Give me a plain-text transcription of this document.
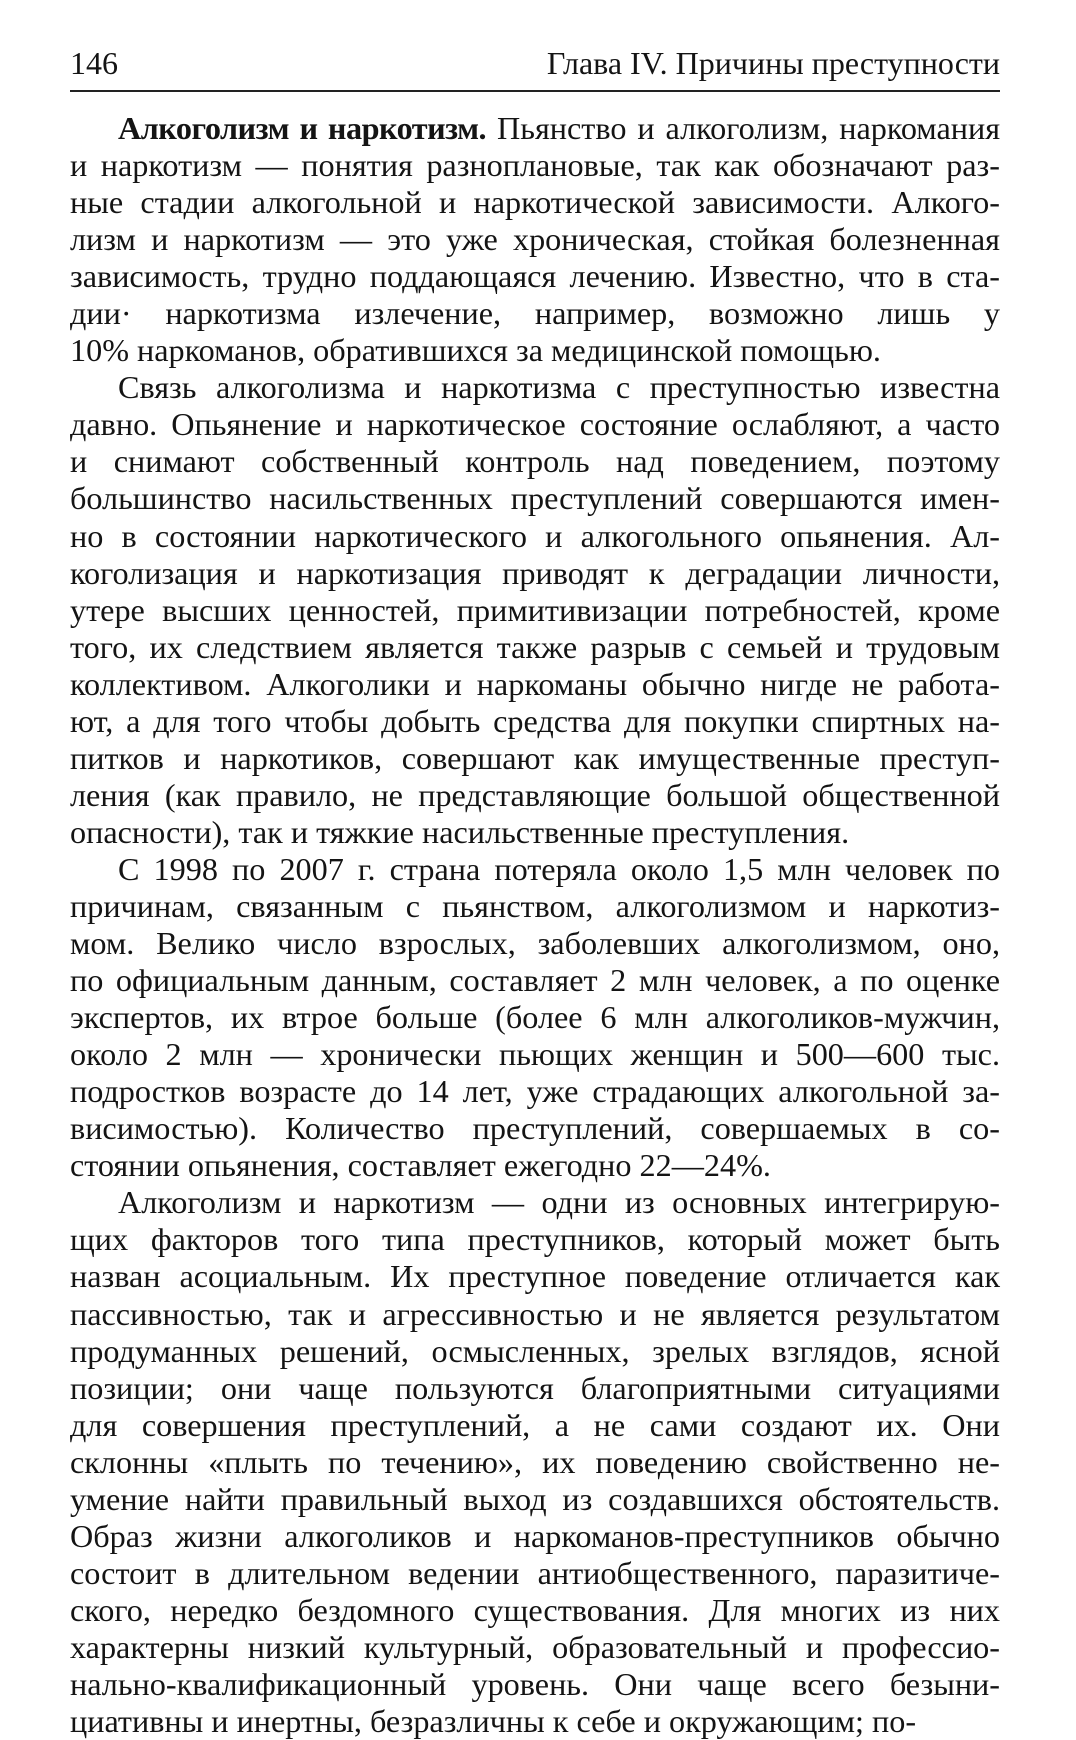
146	Глава IV. Причины преступности
Алкоголизм и наркотизм. Пьянство и алкоголизм, наркомания
и наркотизм — понятия разноплановые, так как обозначают раз-
ные стадии алкогольной и наркотической зависимости. Алкого-
лизм и наркотизм — это уже хроническая, стойкая болезненная
зависимость, трудно поддающаяся лечению. Известно, что в ста-
дии· наркотизма излечение, например, возможно лишь у
10% наркоманов, обратившихся за медицинской помощью.
Связь алкоголизма и наркотизма с преступностью известна
давно. Опьянение и наркотическое состояние ослабляют, а часто
и снимают собственный контроль над поведением, поэтому
большинство насильственных преступлений совершаются имен-
но в состоянии наркотического и алкогольного опьянения. Ал-
коголизация и наркотизация приводят к деградации личности,
утере высших ценностей, примитивизации потребностей, кроме
того, их следствием является также разрыв с семьей и трудовым
коллективом. Алкоголики и наркоманы обычно нигде не работа-
ют, а для того чтобы добыть средства для покупки спиртных на-
питков и наркотиков, совершают как имущественные преступ-
ления (как правило, не представляющие большой общественной
опасности), так и тяжкие насильственные преступления.
С 1998 по 2007 г. страна потеряла около 1,5 млн человек по
причинам, связанным с пьянством, алкоголизмом и наркотиз-
мом. Велико число взрослых, заболевших алкоголизмом, оно,
по официальным данным, составляет 2 млн человек, а по оценке
экспертов, их втрое больше (более 6 млн алкоголиков-мужчин,
около 2 млн — хронически пьющих женщин и 500—600 тыс.
подростков возрасте до 14 лет, уже страдающих алкогольной за-
висимостью). Количество преступлений, совершаемых в со-
стоянии опьянения, составляет ежегодно 22—24%.
Алкоголизм и наркотизм — одни из основных интегрирую-
щих факторов того типа преступников, который может быть
назван асоциальным. Их преступное поведение отличается как
пассивностью, так и агрессивностью и не является результатом
продуманных решений, осмысленных, зрелых взглядов, ясной
позиции; они чаще пользуются благоприятными ситуациями
для совершения преступлений, а не сами создают их. Они
склонны «плыть по течению», их поведению свойственно не-
умение найти правильный выход из создавшихся обстоятельств.
Образ жизни алкоголиков и наркоманов-преступников обычно
состоит в длительном ведении антиобщественного, паразитиче-
ского, нередко бездомного существования. Для многих из них
характерны низкий культурный, образовательный и профессио-
нально-квалификационный уровень. Они чаще всего безыни-
циативны и инертны, безразличны к себе и окружающим; по-
